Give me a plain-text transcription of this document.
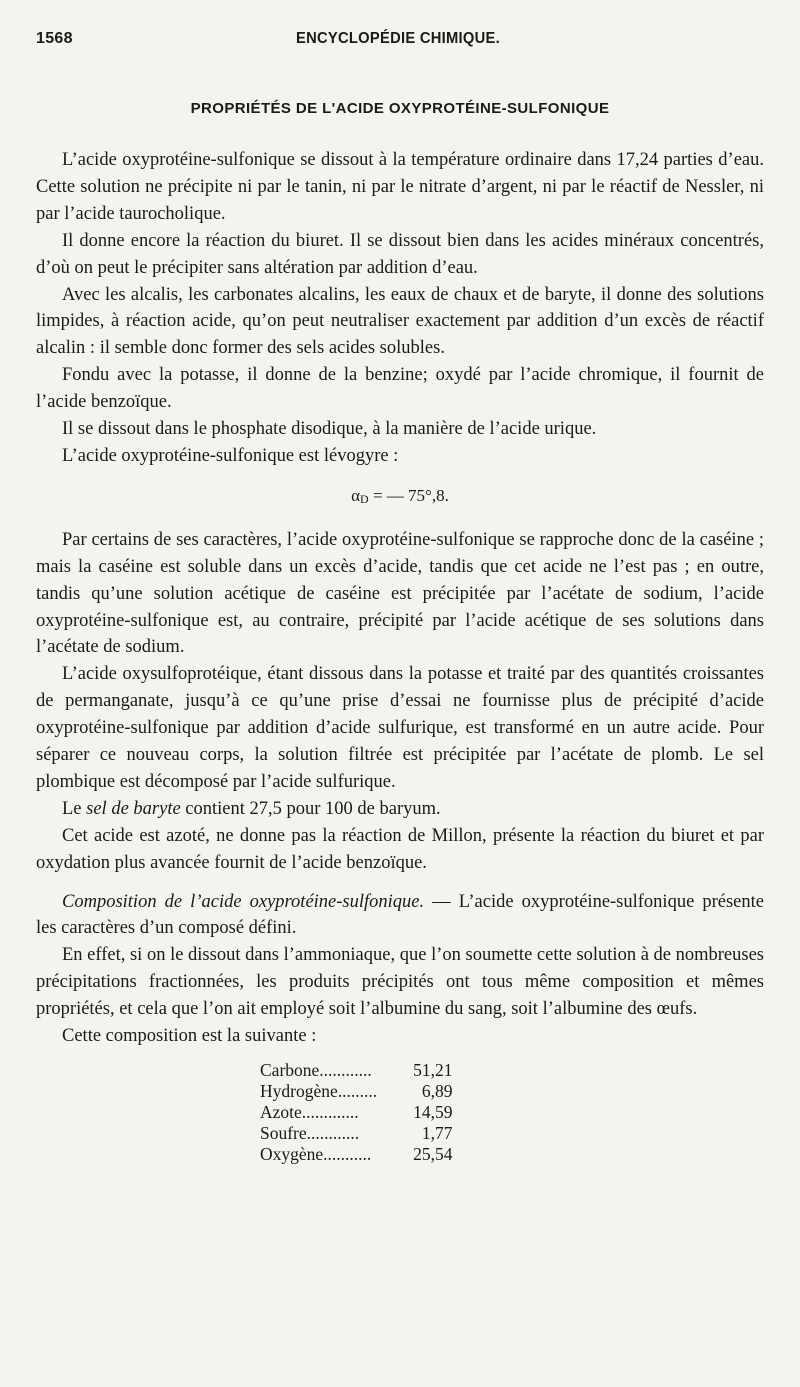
1568	ENCYCLOPÉDIE CHIMIQUE.
PROPRIÉTÉS DE L'ACIDE OXYPROTÉINE-SULFONIQUE

L’acide oxyprotéine-sulfonique se dissout à la température ordinaire dans 17,24 parties d’eau. Cette solution ne précipite ni par le tanin, ni par le nitrate d’argent, ni par le réactif de Nessler, ni par l’acide taurocholique.

Il donne encore la réaction du biuret. Il se dissout bien dans les acides minéraux concentrés, d’où on peut le précipiter sans altération par addition d’eau.

Avec les alcalis, les carbonates alcalins, les eaux de chaux et de baryte, il donne des solutions limpides, à réaction acide, qu’on peut neutraliser exactement par addition d’un excès de réactif alcalin : il semble donc former des sels acides solubles.

Fondu avec la potasse, il donne de la benzine; oxydé par l’acide chromique, il fournit de l’acide benzoïque.

Il se dissout dans le phosphate disodique, à la manière de l’acide urique.

L’acide oxyprotéine-sulfonique est lévogyre :

αD = — 75°,8.

Par certains de ses caractères, l’acide oxyprotéine-sulfonique se rapproche donc de la caséine ; mais la caséine est soluble dans un excès d’acide, tandis que cet acide ne l’est pas ; en outre, tandis qu’une solution acétique de caséine est précipitée par l’acétate de sodium, l’acide oxyprotéine-sulfonique est, au contraire, précipité par l’acide acétique de ses solutions dans l’acétate de sodium.

L’acide oxysulfoprotéique, étant dissous dans la potasse et traité par des quantités croissantes de permanganate, jusqu’à ce qu’une prise d’essai ne fournisse plus de précipité d’acide oxyprotéine-sulfonique par addition d’acide sulfurique, est transformé en un autre acide. Pour séparer ce nouveau corps, la solution filtrée est précipitée par l’acétate de plomb. Le sel plombique est décomposé par l’acide sulfurique.

Le sel de baryte contient 27,5 pour 100 de baryum.

Cet acide est azoté, ne donne pas la réaction de Millon, présente la réaction du biuret et par oxydation plus avancée fournit de l’acide benzoïque.

Composition de l’acide oxyprotéine-sulfonique. — L’acide oxyprotéine-sulfonique présente les caractères d’un composé défini.

En effet, si on le dissout dans l’ammoniaque, que l’on soumette cette solution à de nombreuses précipitations fractionnées, les produits précipités ont tous même composition et mêmes propriétés, et cela que l’on ait employé soit l’albumine du sang, soit l’albumine des œufs.

Cette composition est la suivante :

Carbone............	51,21
Hydrogène.........	6,89
Azote.............	14,59
Soufre............	1,77
Oxygène...........	25,54
